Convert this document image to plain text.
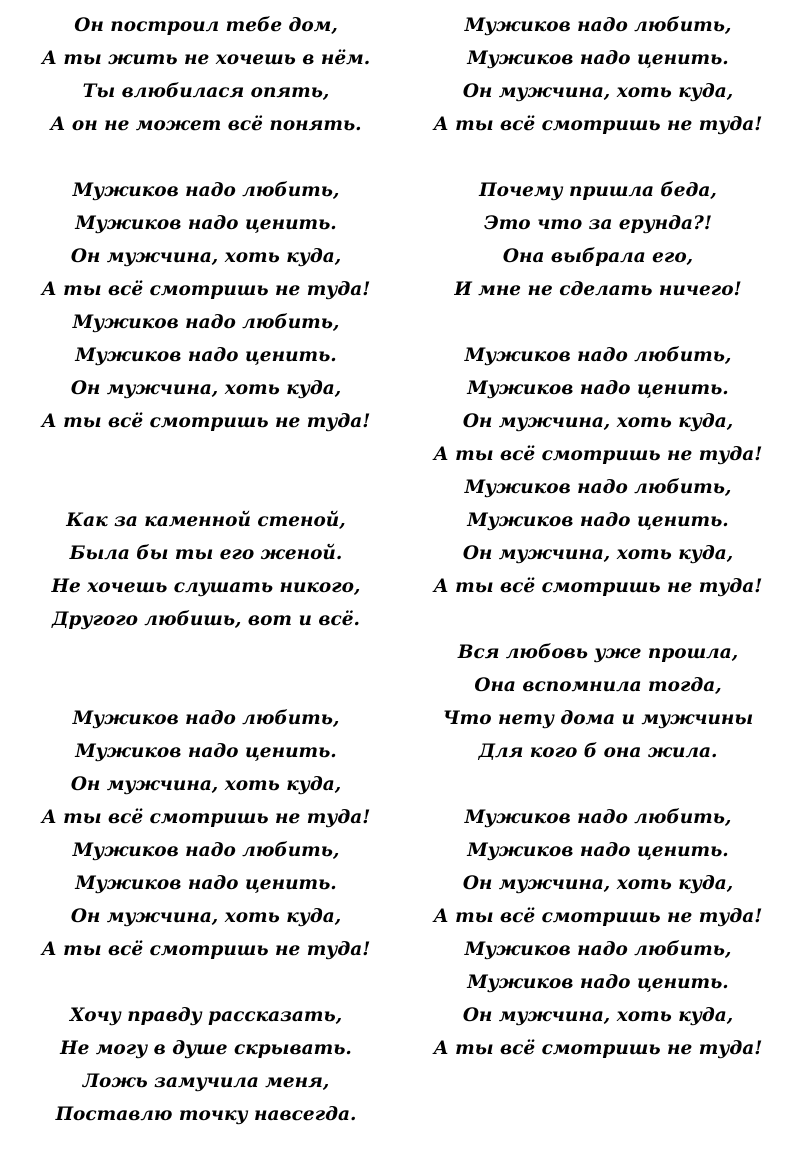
Он построил тебе дом,
А ты жить не хочешь в нём.
Ты влюбилася опять,
А он не может всё понять.
Мужиков надо любить,
Мужиков надо ценить.
Он мужчина, хоть куда,
А ты всё смотришь не туда!
Мужиков надо любить,
Мужиков надо ценить.
Он мужчина, хоть куда,
А ты всё смотришь не туда!
Как за каменной стеной,
Была бы ты его женой.
Не хочешь слушать никого,
Другого любишь, вот и всё.
Мужиков надо любить,
Мужиков надо ценить.
Он мужчина, хоть куда,
А ты всё смотришь не туда!
Мужиков надо любить,
Мужиков надо ценить.
Он мужчина, хоть куда,
А ты всё смотришь не туда!
Хочу правду рассказать,
Не могу в душе скрывать.
Ложь замучила меня,
Поставлю точку навсегда.
Мужиков надо любить,
Мужиков надо ценить.
Он мужчина, хоть куда,
А ты всё смотришь не туда!
Почему пришла беда,
Это что за ерунда?!
Она выбрала его,
И мне не сделать ничего!
Мужиков надо любить,
Мужиков надо ценить.
Он мужчина, хоть куда,
А ты всё смотришь не туда!
Мужиков надо любить,
Мужиков надо ценить.
Он мужчина, хоть куда,
А ты всё смотришь не туда!
Вся любовь уже прошла,
Она вспомнила тогда,
Что нету дома и мужчины
Для кого б она жила.
Мужиков надо любить,
Мужиков надо ценить.
Он мужчина, хоть куда,
А ты всё смотришь не туда!
Мужиков надо любить,
Мужиков надо ценить.
Он мужчина, хоть куда,
А ты всё смотришь не туда!
